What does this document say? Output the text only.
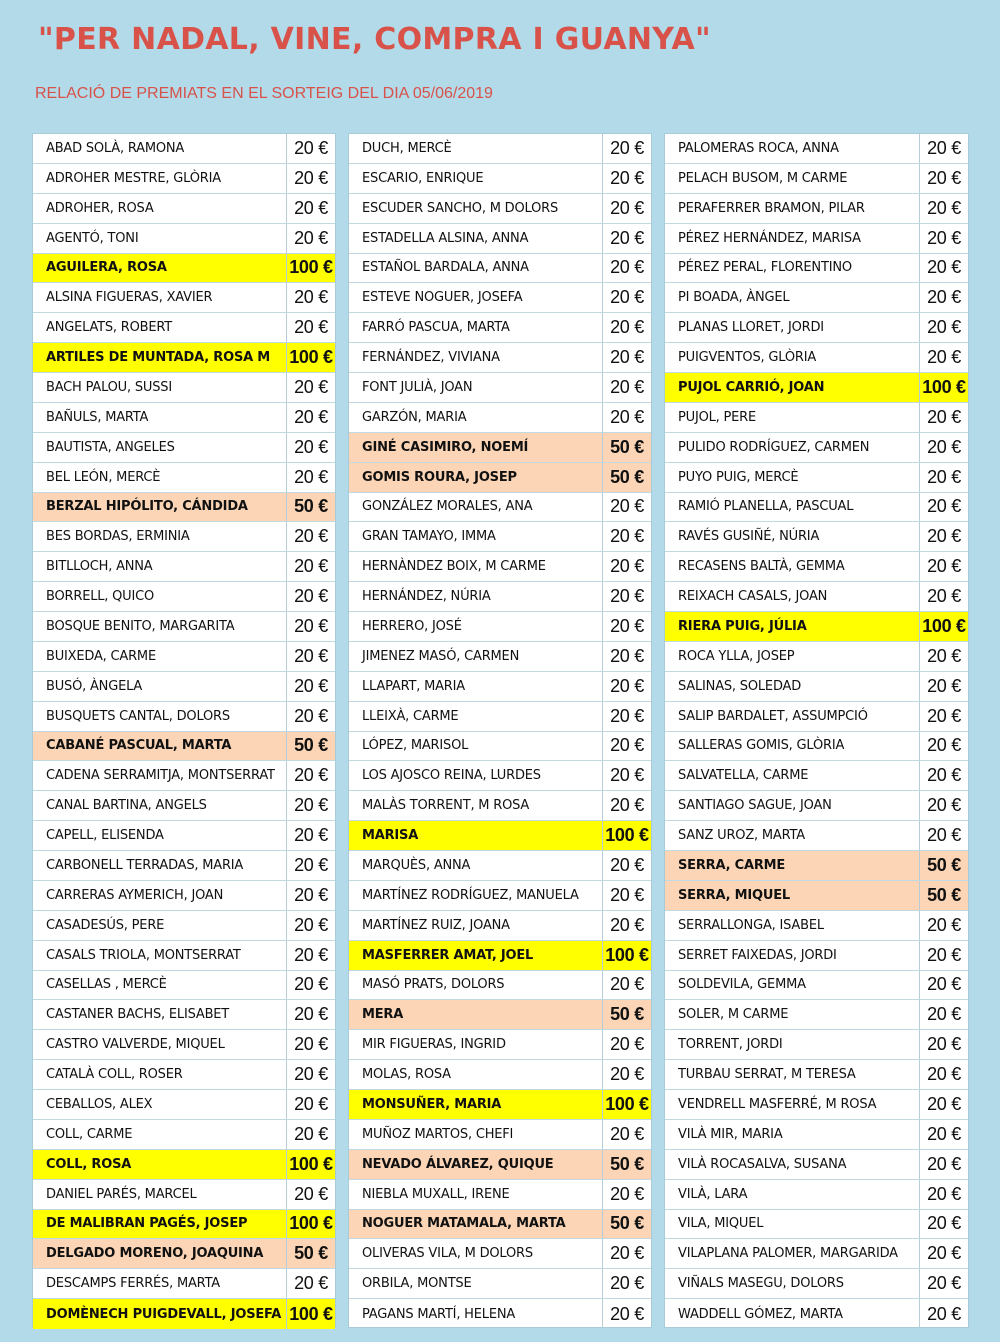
"PER NADAL, VINE, COMPRA I GUANYA"
RELACIÓ DE PREMIATS EN EL SORTEIG DEL DIA 05/06/2019
ABAD SOLÀ, RAMONA	20 €
ADROHER MESTRE, GLÒRIA	20 €
ADROHER, ROSA	20 €
AGENTÓ, TONI	20 €
AGUILERA, ROSA	100 €
ALSINA FIGUERAS, XAVIER	20 €
ANGELATS, ROBERT	20 €
ARTILES DE MUNTADA, ROSA M	100 €
BACH PALOU, SUSSI	20 €
BAÑULS, MARTA	20 €
BAUTISTA, ANGELES	20 €
BEL LEÓN, MERCÈ	20 €
BERZAL HIPÓLITO, CÁNDIDA	50 €
BES BORDAS, ERMINIA	20 €
BITLLOCH, ANNA	20 €
BORRELL, QUICO	20 €
BOSQUE BENITO, MARGARITA	20 €
BUIXEDA, CARME	20 €
BUSÓ, ÀNGELA	20 €
BUSQUETS CANTAL, DOLORS	20 €
CABANÉ PASCUAL, MARTA	50 €
CADENA SERRAMITJA, MONTSERRAT	20 €
CANAL BARTINA, ANGELS	20 €
CAPELL, ELISENDA	20 €
CARBONELL TERRADAS, MARIA	20 €
CARRERAS AYMERICH, JOAN	20 €
CASADESÚS, PERE	20 €
CASALS TRIOLA, MONTSERRAT	20 €
CASELLAS , MERCÈ	20 €
CASTANER BACHS, ELISABET	20 €
CASTRO VALVERDE, MIQUEL	20 €
CATALÀ COLL, ROSER	20 €
CEBALLOS, ALEX	20 €
COLL, CARME	20 €
COLL, ROSA	100 €
DANIEL PARÉS, MARCEL	20 €
DE MALIBRAN PAGÉS, JOSEP	100 €
DELGADO MORENO, JOAQUINA	50 €
DESCAMPS FERRÉS, MARTA	20 €
DOMÈNECH PUIGDEVALL, JOSEFA 100 €
DUCH, MERCÈ	20 €
ESCARIO, ENRIQUE	20 €
ESCUDER SANCHO, M DOLORS	20 €
ESTADELLA ALSINA, ANNA	20 €
ESTAÑOL BARDALA, ANNA	20 €
ESTEVE NOGUER, JOSEFA	20 €
FARRÓ PASCUA, MARTA	20 €
FERNÁNDEZ, VIVIANA	20 €
FONT JULIÀ, JOAN	20 €
GARZÓN, MARIA	20 €
GINÉ CASIMIRO, NOEMÍ	50 €
GOMIS ROURA, JOSEP	50 €
GONZÁLEZ MORALES, ANA	20 €
GRAN TAMAYO, IMMA	20 €
HERNÀNDEZ BOIX, M CARME	20 €
HERNÁNDEZ, NÚRIA	20 €
HERRERO, JOSÉ	20 €
JIMENEZ MASÓ, CARMEN	20 €
LLAPART, MARIA	20 €
LLEIXÀ, CARME	20 €
LÓPEZ, MARISOL	20 €
LOS AJOSCO REINA, LURDES	20 €
MALÀS TORRENT, M ROSA	20 €
MARISA	100 €
MARQUÈS, ANNA	20 €
MARTÍNEZ RODRÍGUEZ, MANUELA	20 €
MARTÍNEZ RUIZ, JOANA	20 €
MASFERRER AMAT, JOEL	100 €
MASÓ PRATS, DOLORS	20 €
MERA	50 €
MIR FIGUERAS, INGRID	20 €
MOLAS, ROSA	20 €
MONSUÑER, MARIA	100 €
MUÑOZ MARTOS, CHEFI	20 €
NEVADO ÁLVAREZ, QUIQUE	50 €
NIEBLA MUXALL, IRENE	20 €
NOGUER MATAMALA, MARTA	50 €
OLIVERAS VILA, M DOLORS	20 €
ORBILA, MONTSE	20 €
PAGANS MARTÍ, HELENA	20 €
PALOMERAS ROCA, ANNA	20 €
PELACH BUSOM, M CARME	20 €
PERAFERRER BRAMON, PILAR	20 €
PÉREZ HERNÁNDEZ, MARISA	20 €
PÉREZ PERAL, FLORENTINO	20 €
PI BOADA, ÀNGEL	20 €
PLANAS LLORET, JORDI	20 €
PUIGVENTOS, GLÒRIA	20 €
PUJOL CARRIÓ, JOAN	100 €
PUJOL, PERE	20 €
PULIDO RODRÍGUEZ, CARMEN	20 €
PUYO PUIG, MERCÈ	20 €
RAMIÓ PLANELLA, PASCUAL	20 €
RAVÉS GUSIÑÉ, NÚRIA	20 €
RECASENS BALTÀ, GEMMA	20 €
REIXACH CASALS, JOAN	20 €
RIERA PUIG, JÚLIA	100 €
ROCA YLLA, JOSEP	20 €
SALINAS, SOLEDAD	20 €
SALIP BARDALET, ASSUMPCIÓ	20 €
SALLERAS GOMIS, GLÒRIA	20 €
SALVATELLA, CARME	20 €
SANTIAGO SAGUE, JOAN	20 €
SANZ UROZ, MARTA	20 €
SERRA, CARME	50 €
SERRA, MIQUEL	50 €
SERRALLONGA, ISABEL	20 €
SERRET FAIXEDAS, JORDI	20 €
SOLDEVILA, GEMMA	20 €
SOLER, M CARME	20 €
TORRENT, JORDI	20 €
TURBAU SERRAT, M TERESA	20 €
VENDRELL MASFERRÉ, M ROSA	20 €
VILÀ MIR, MARIA	20 €
VILÀ ROCASALVA, SUSANA	20 €
VILÀ, LARA	20 €
VILA, MIQUEL	20 €
VILAPLANA PALOMER, MARGARIDA	20 €
VIÑALS MASEGU, DOLORS	20 €
WADDELL GÓMEZ, MARTA	20 €
